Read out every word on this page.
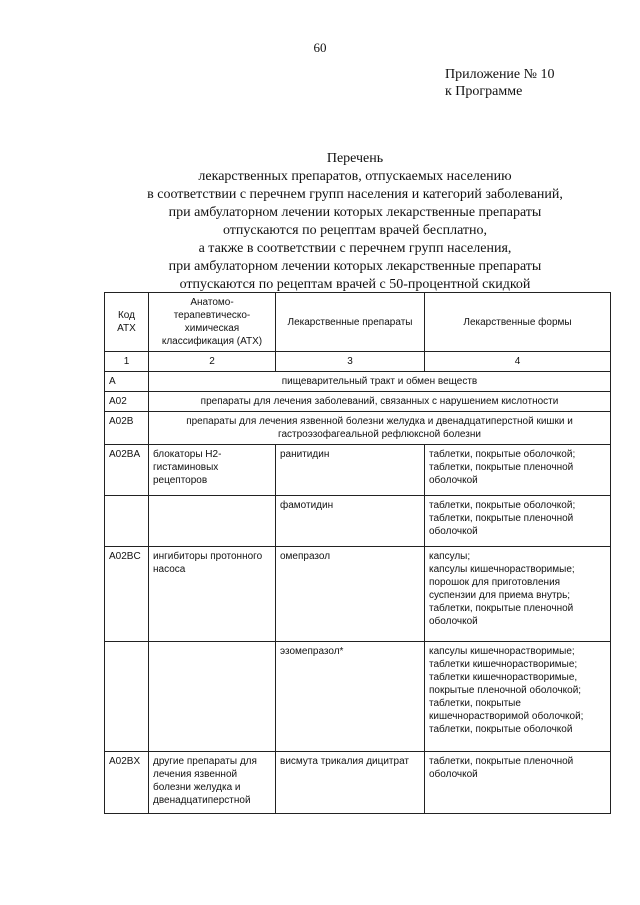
60
Приложение № 10
к Программе
Перечень
лекарственных препаратов, отпускаемых населению
в соответствии с перечнем групп населения и категорий заболеваний,
при амбулаторном лечении которых лекарственные препараты
отпускаются по рецептам врачей бесплатно,
а также в соответствии с перечнем групп населения,
при амбулаторном лечении которых лекарственные препараты
отпускаются по рецептам врачей с 50-процентной скидкой
Код АТХ	Анатомо-терапевтическо-химическая классификация (АТХ)	Лекарственные препараты	Лекарственные формы
1	2	3	4
А	пищеварительный тракт и обмен веществ		
A02	препараты для лечения заболеваний, связанных с нарушением кислотности		
A02B	препараты для лечения язвенной болезни желудка и двенадцатиперстной кишки и гастроэзофагеальной рефлюксной болезни		
A02BA	блокаторы Н2-гистаминовых рецепторов	ранитидин	таблетки, покрытые оболочкой;
таблетки, покрытые пленочной оболочкой

		фамотидин	таблетки, покрытые оболочкой;
таблетки, покрытые пленочной оболочкой

A02BC	ингибиторы протонного насоса	омепразол	капсулы;
капсулы кишечнорастворимые;
порошок для приготовления суспензии для приема внутрь;
таблетки, покрытые пленочной оболочкой

		эзомепразол*	капсулы кишечнорастворимые;
таблетки кишечнорастворимые;
таблетки кишечнорастворимые, покрытые пленочной оболочкой;
таблетки, покрытые кишечнорастворимой оболочкой;
таблетки, покрытые оболочкой

A02BX	другие препараты для лечения язвенной болезни желудка и двенадцатиперстной	висмута трикалия дицитрат	таблетки, покрытые пленочной оболочкой
